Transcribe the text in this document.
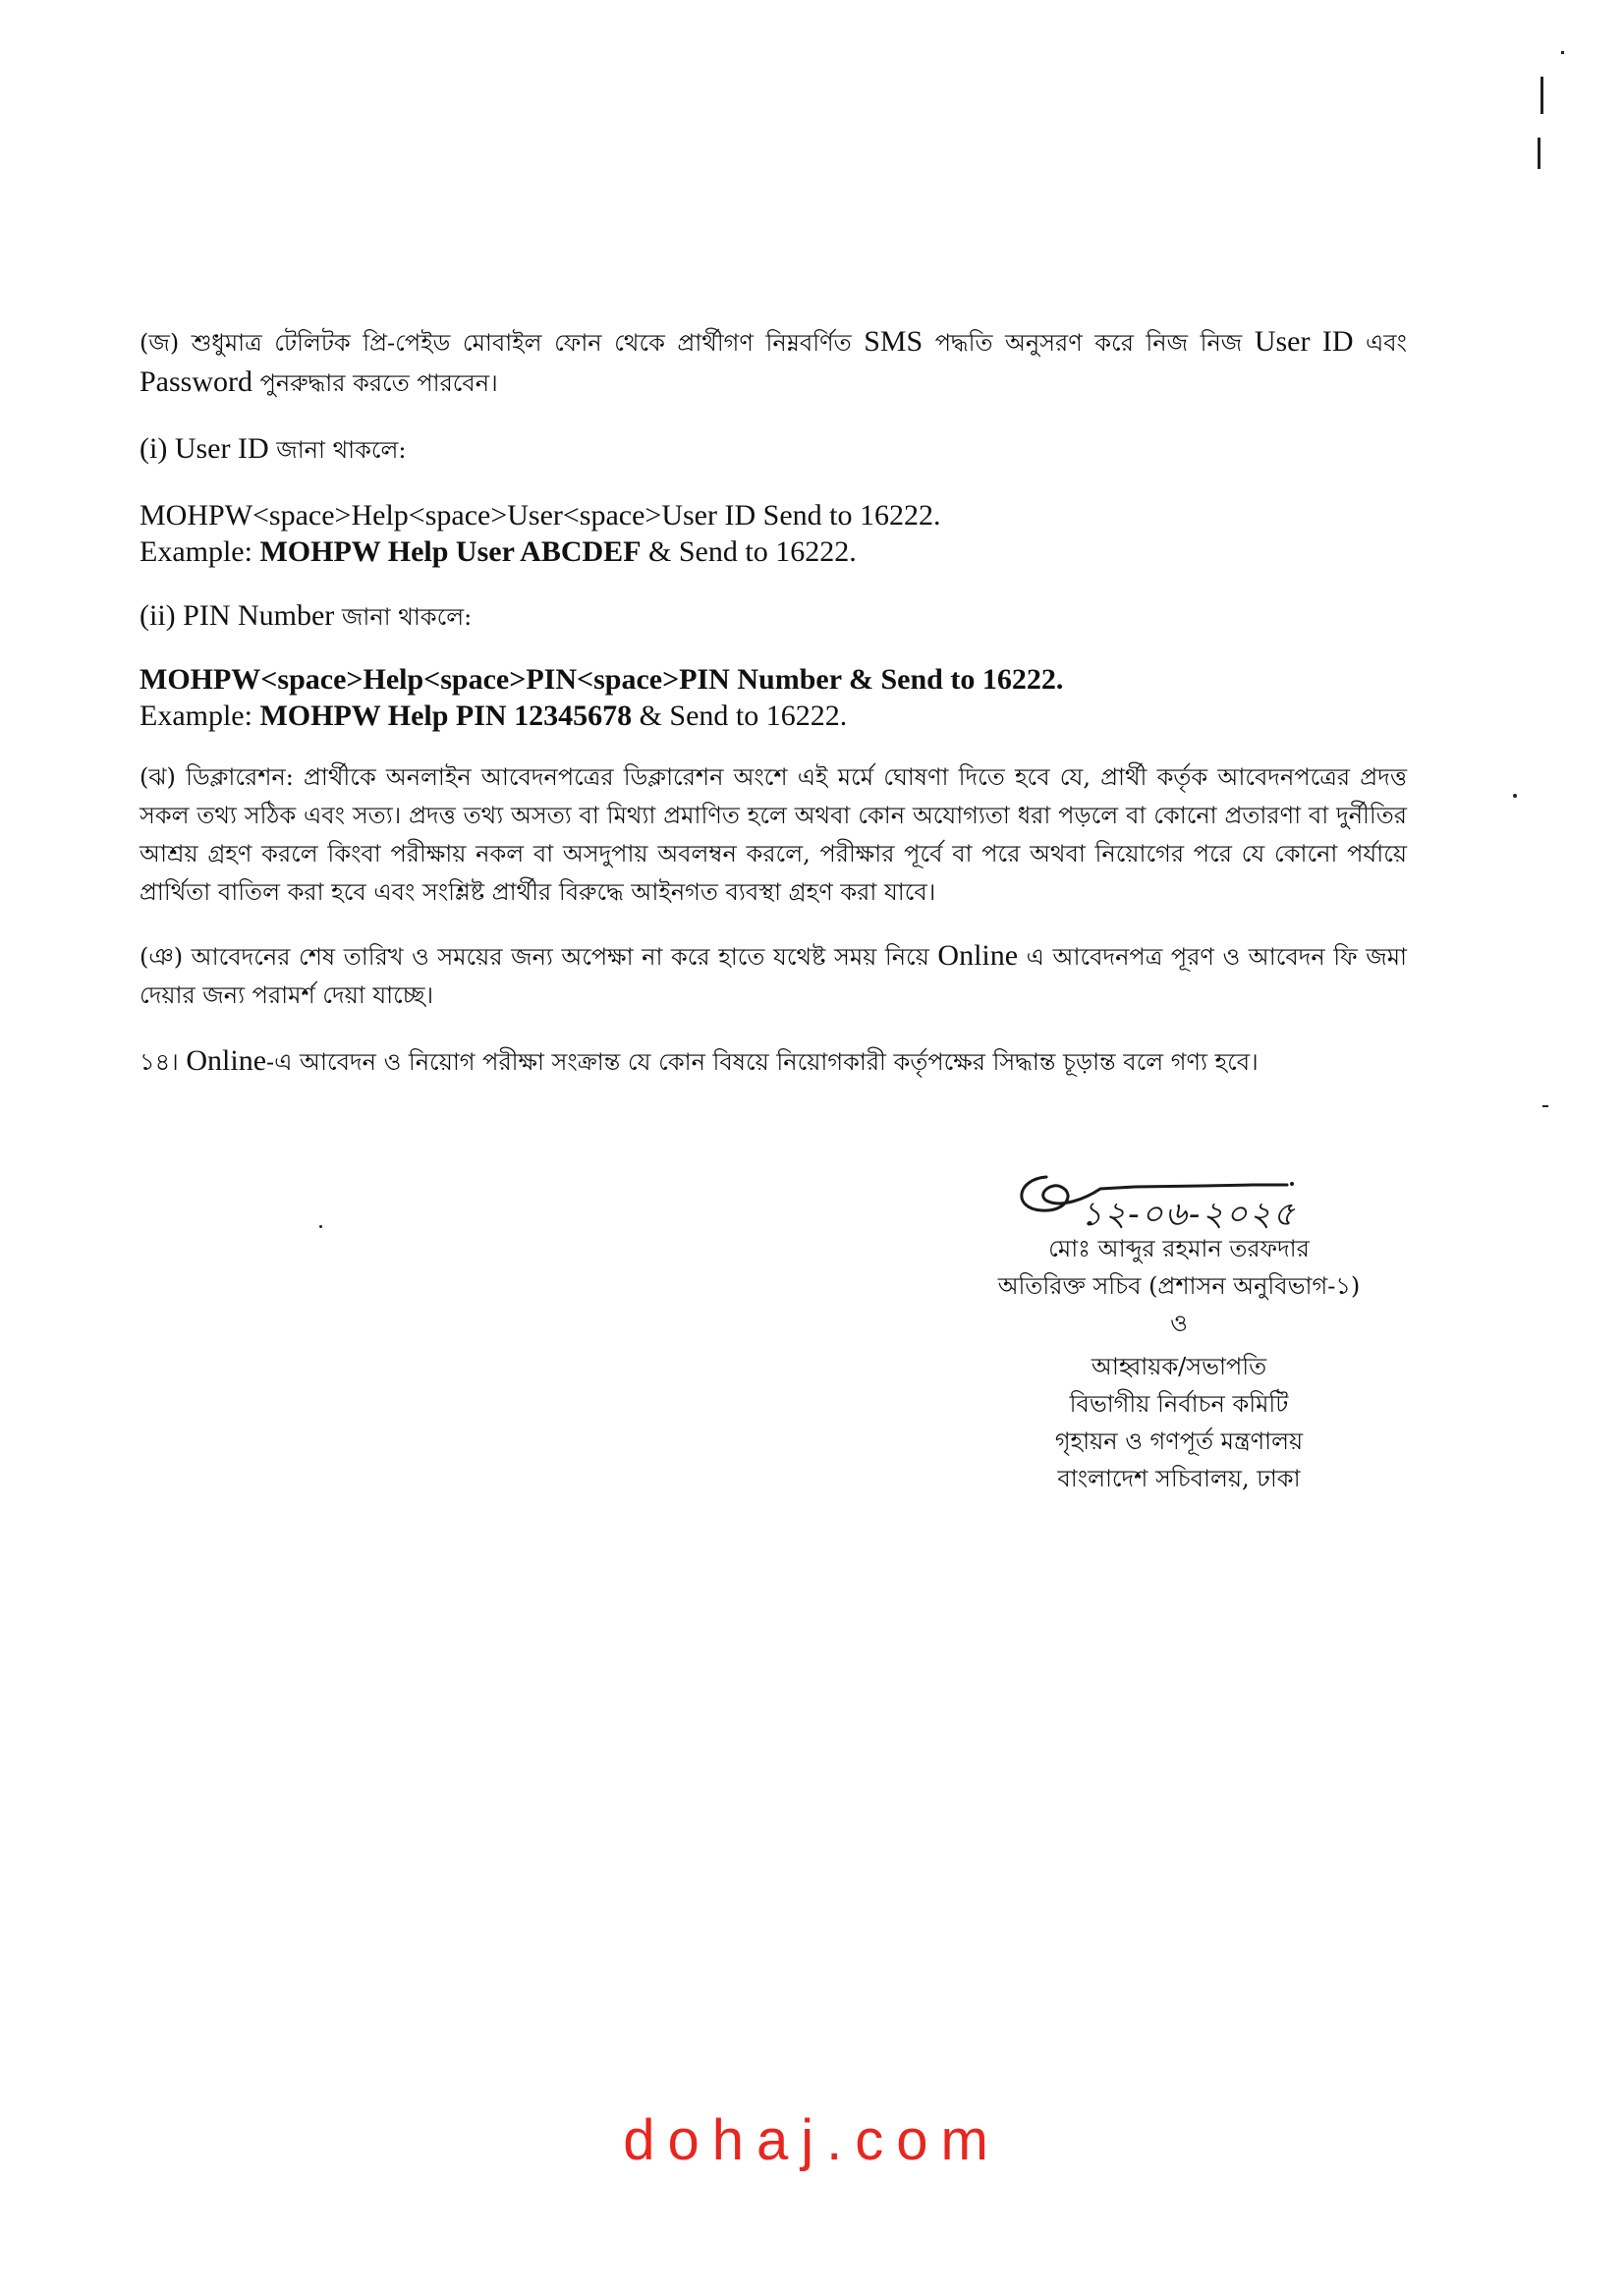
(জ) শুধুমাত্র টেলিটক প্রি-পেইড মোবাইল ফোন থেকে প্রার্থীগণ নিম্নবর্ণিত SMS পদ্ধতি অনুসরণ করে নিজ নিজ User ID এবং Password পুনরুদ্ধার করতে পারবেন।
(i) User ID জানা থাকলে:
MOHPW<space>Help<space>User<space>User ID Send to 16222.
Example: MOHPW Help User ABCDEF & Send to 16222.
(ii) PIN Number জানা থাকলে:
MOHPW<space>Help<space>PIN<space>PIN Number & Send to 16222.
Example: MOHPW Help PIN 12345678 & Send to 16222.
(ঝ) ডিক্লারেশন: প্রার্থীকে অনলাইন আবেদনপত্রের ডিক্লারেশন অংশে এই মর্মে ঘোষণা দিতে হবে যে, প্রার্থী কর্তৃক আবেদনপত্রের প্রদত্ত সকল তথ্য সঠিক এবং সত্য। প্রদত্ত তথ্য অসত্য বা মিথ্যা প্রমাণিত হলে অথবা কোন অযোগ্যতা ধরা পড়লে বা কোনো প্রতারণা বা দুর্নীতির আশ্রয় গ্রহণ করলে কিংবা পরীক্ষায় নকল বা অসদুপায় অবলম্বন করলে, পরীক্ষার পূর্বে বা পরে অথবা নিয়োগের পরে যে কোনো পর্যায়ে প্রার্থিতা বাতিল করা হবে এবং সংশ্লিষ্ট প্রার্থীর বিরুদ্ধে আইনগত ব্যবস্থা গ্রহণ করা যাবে।
(ঞ) আবেদনের শেষ তারিখ ও সময়ের জন্য অপেক্ষা না করে হাতে যথেষ্ট সময় নিয়ে Online এ আবেদনপত্র পূরণ ও আবেদন ফি জমা দেয়ার জন্য পরামর্শ দেয়া যাচ্ছে।
১৪। Online-এ আবেদন ও নিয়োগ পরীক্ষা সংক্রান্ত যে কোন বিষয়ে নিয়োগকারী কর্তৃপক্ষের সিদ্ধান্ত চূড়ান্ত বলে গণ্য হবে।
১২-০৬-২০২৫
মোঃ আব্দুর রহমান তরফদার
অতিরিক্ত সচিব (প্রশাসন অনুবিভাগ-১)
ও
আহ্বায়ক/সভাপতি
বিভাগীয় নির্বাচন কমিটি
গৃহায়ন ও গণপূর্ত মন্ত্রণালয়
বাংলাদেশ সচিবালয়, ঢাকা
dohaj.com
